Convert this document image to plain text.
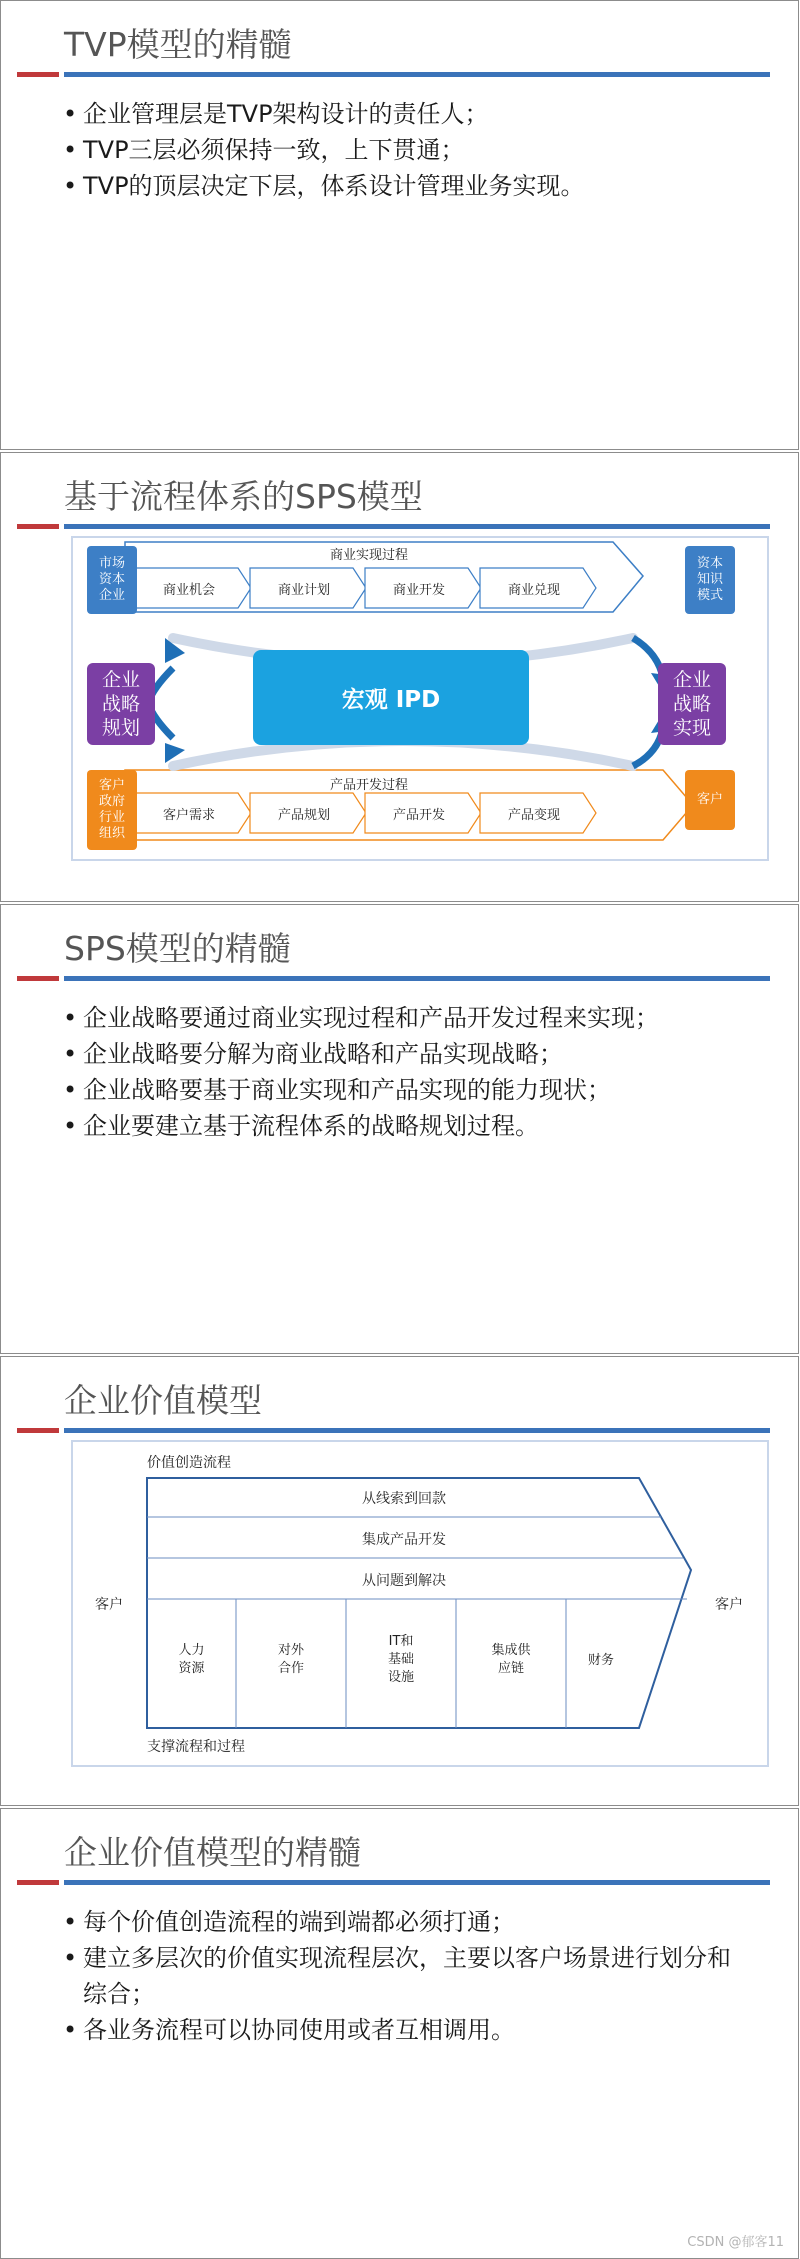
TVP模型的精髓
• 企业管理层是TVP架构设计的责任人；
• TVP三层必须保持一致，上下贯通；
• TVP的顶层决定下层，体系设计管理业务实现。
基于流程体系的SPS模型
市场
资本
企业
企业
战略
规划
客户
政府
行业
组织
资本
知识
模式
企业
战略
实现
客户
商业实现过程
商业机会	商业计划	商业开发	商业兑现
产品开发过程
客户需求	产品规划	产品开发	产品变现
宏观 IPD
SPS模型的精髓
• 企业战略要通过商业实现过程和产品开发过程来实现；
• 企业战略要分解为商业战略和产品实现战略；
• 企业战略要基于商业实现和产品实现的能力现状；
• 企业要建立基于流程体系的战略规划过程。
企业价值模型
价值创造流程
支撑流程和过程
客户	客户
从线索到回款
集成产品开发
从问题到解决
人力
资源
对外
合作
IT和
基础
设施
集成供
应链
财务
企业价值模型的精髓
• 每个价值创造流程的端到端都必须打通；
• 建立多层次的价值实现流程层次，主要以客户场景进行划分和综合；
• 各业务流程可以协同使用或者互相调用。
CSDN @郁客11
